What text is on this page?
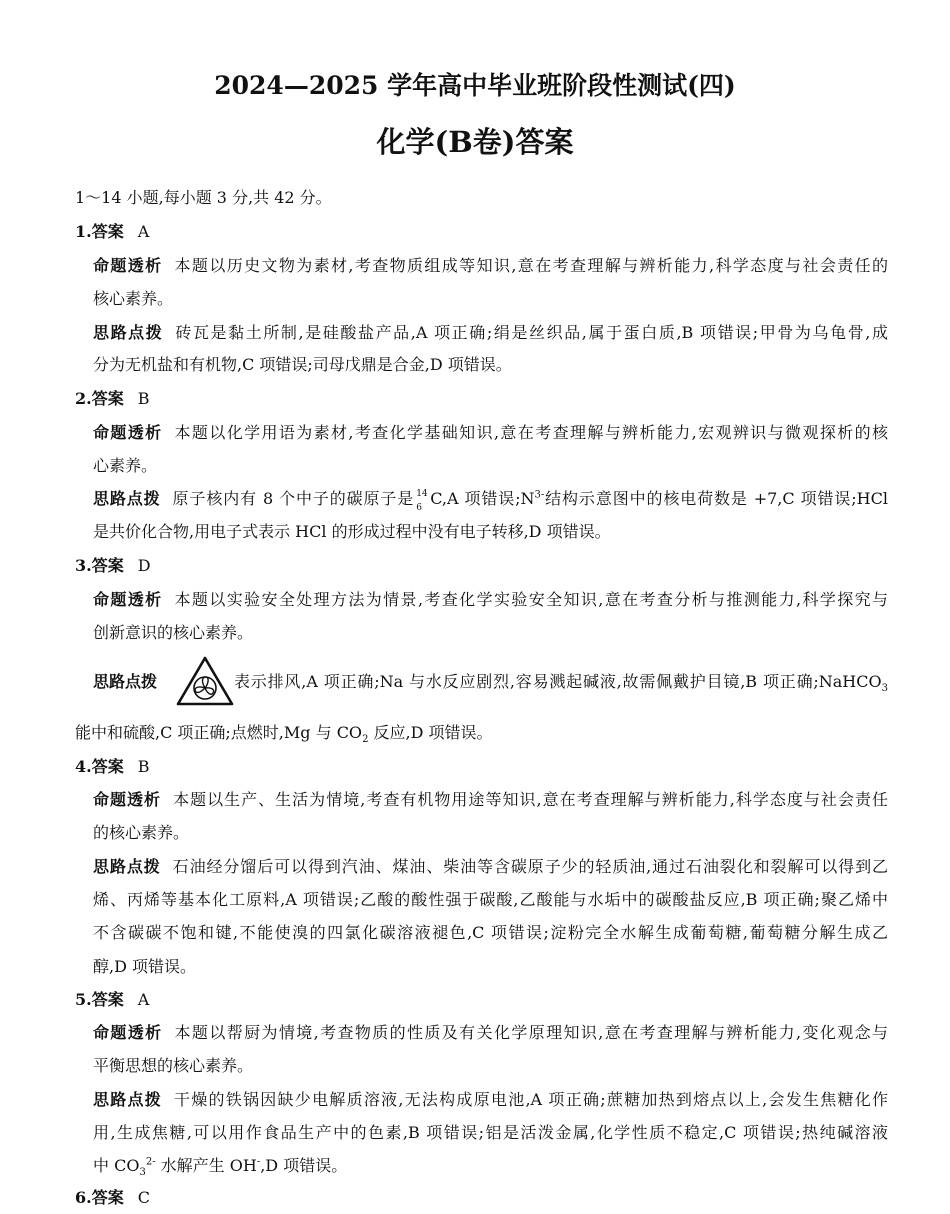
2024—2025 学年高中毕业班阶段性测试(四)
化学(B卷)答案
1～14 小题,每小题 3 分,共 42 分。
1.答案 A
命题透析 本题以历史文物为素材,考查物质组成等知识,意在考查理解与辨析能力,科学态度与社会责任的
核心素养。
思路点拨 砖瓦是黏土所制,是硅酸盐产品,A 项正确;绢是丝织品,属于蛋白质,B 项错误;甲骨为乌龟骨,成
分为无机盐和有机物,C 项错误;司母戊鼎是合金,D 项错误。
2.答案 B
命题透析 本题以化学用语为素材,考查化学基础知识,意在考查理解与辨析能力,宏观辨识与微观探析的核
心素养。
思路点拨 原子核内有 8 个中子的碳原子是 14
6 C,A 项错误$;N^{3-}$结构示意图中的核电荷数是 +7,C 项错误;HCl
是共价化合物,用电子式表示 HCl 的形成过程中没有电子转移,D 项错误。
3.答案 D
命题透析 本题以实验安全处理方法为情景,考查化学实验安全知识,意在考查分析与推测能力,科学探究与
创新意识的核心素养。
思路点拨	表示排风,A 项正确;Na 与水反应剧烈,容易溅起碱液,故需佩戴护目镜,B 项正确;NaHCO$_3$
能中和硫酸,C 项正确;点燃时,Mg 与 $CO_2$ 反应,D 项错误。
4.答案 B
命题透析 本题以生产、生活为情境,考查有机物用途等知识,意在考查理解与辨析能力,科学态度与社会责任
的核心素养。
思路点拨 石油经分馏后可以得到汽油、煤油、柴油等含碳原子少的轻质油,通过石油裂化和裂解可以得到乙
烯、丙烯等基本化工原料,A 项错误;乙酸的酸性强于碳酸,乙酸能与水垢中的碳酸盐反应,B 项正确;聚乙烯中
不含碳碳不饱和键,不能使溴的四氯化碳溶液褪色,C 项错误;淀粉完全水解生成葡萄糖,葡萄糖分解生成乙
醇,D 项错误。
5.答案 A
命题透析 本题以帮厨为情境,考查物质的性质及有关化学原理知识,意在考查理解与辨析能力,变化观念与
平衡思想的核心素养。
思路点拨 干燥的铁锅因缺少电解质溶液,无法构成原电池,A 项正确;蔗糖加热到熔点以上,会发生焦糖化作
用,生成焦糖,可以用作食品生产中的色素,B 项错误;铝是活泼金属,化学性质不稳定,C 项错误;热纯碱溶液
中 $CO_3^{2-}$ 水解产生 OH-,D 项错误。
6.答案 C
